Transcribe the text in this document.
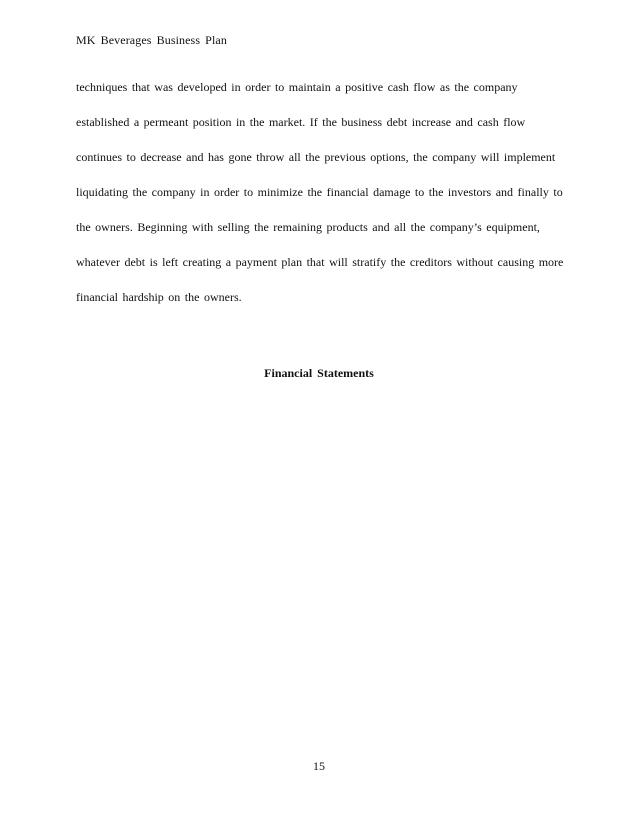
MK Beverages Business Plan
techniques that was developed in order to maintain a positive cash flow as the company
established a permeant position in the market. If the business debt increase and cash flow
continues to decrease and has gone throw all the previous options, the company will implement
liquidating the company in order to minimize the financial damage to the investors and finally to
the owners. Beginning with selling the remaining products and all the company’s equipment,
whatever debt is left creating a payment plan that will stratify the creditors without causing more
financial hardship on the owners.
Financial Statements
15
